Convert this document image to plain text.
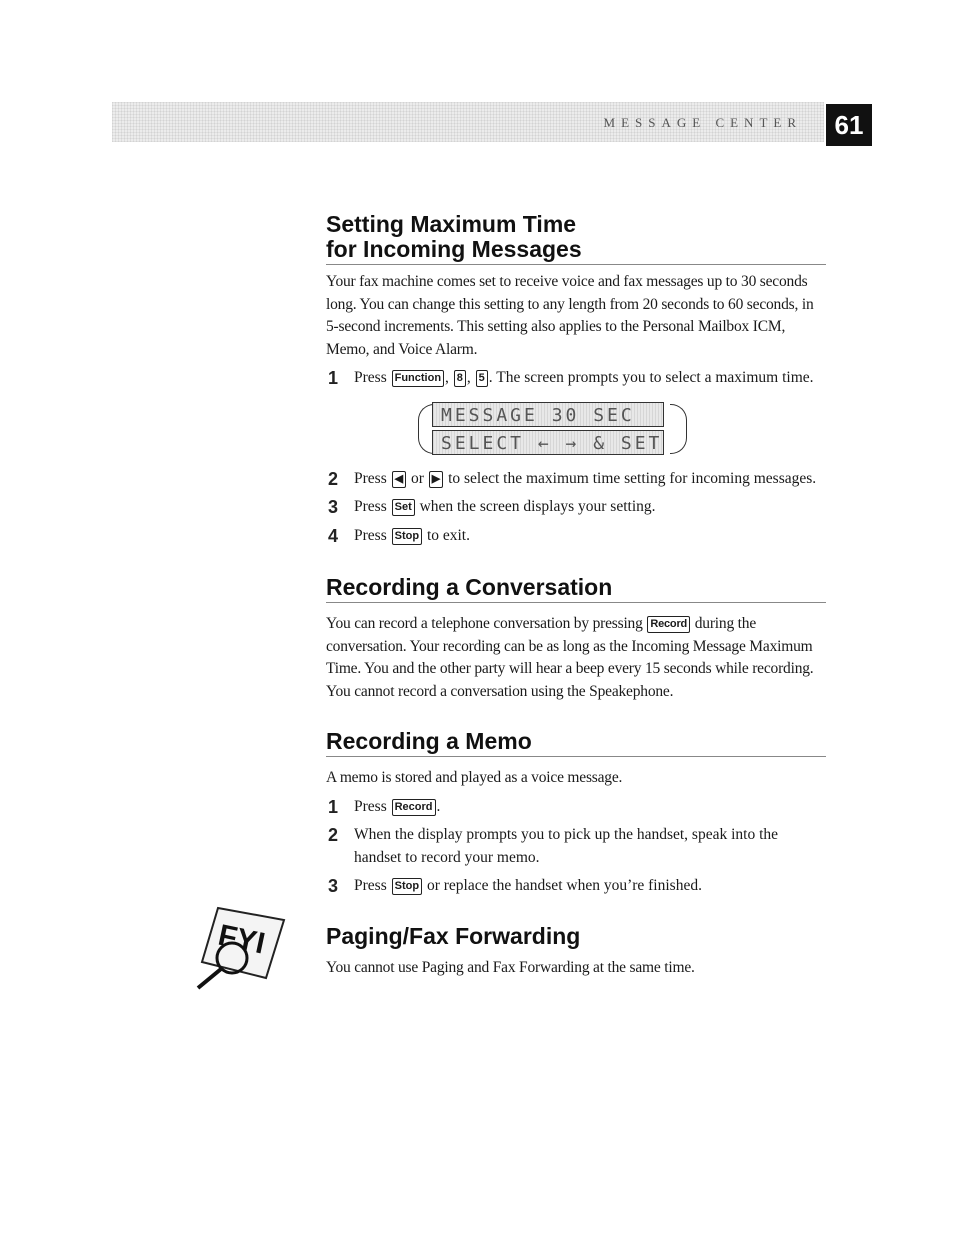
MESSAGE CENTER	61
Setting Maximum Time
for Incoming Messages

Your fax machine comes set to receive voice and fax messages up to 30 seconds long. You can change this setting to any length from 20 seconds to 60 seconds, in 5-second increments. This setting also applies to the Personal Mailbox ICM, Memo, and Voice Alarm.

1 Press Function , 8 , 5 . The screen prompts you to select a maximum time.
MESSAGE 30 SEC
SELECT ← → & SET
2 Press ◀ or ▶ to select the maximum time setting for incoming messages.
3 Press Set when the screen displays your setting.
4 Press Stop to exit.
Recording a Conversation

You can record a telephone conversation by pressing Record during the conversation. Your recording can be as long as the Incoming Message Maximum Time. You and the other party will hear a beep every 15 seconds while recording. You cannot record a conversation using the Speakephone.

Recording a Memo

A memo is stored and played as a voice message.

1 Press Record .
2 When the display prompts you to pick up the handset, speak into the handset to record your memo.
3 Press Stop or replace the handset when you’re finished.
Paging/Fax Forwarding

You cannot use Paging and Fax Forwarding at the same time.

FYI
